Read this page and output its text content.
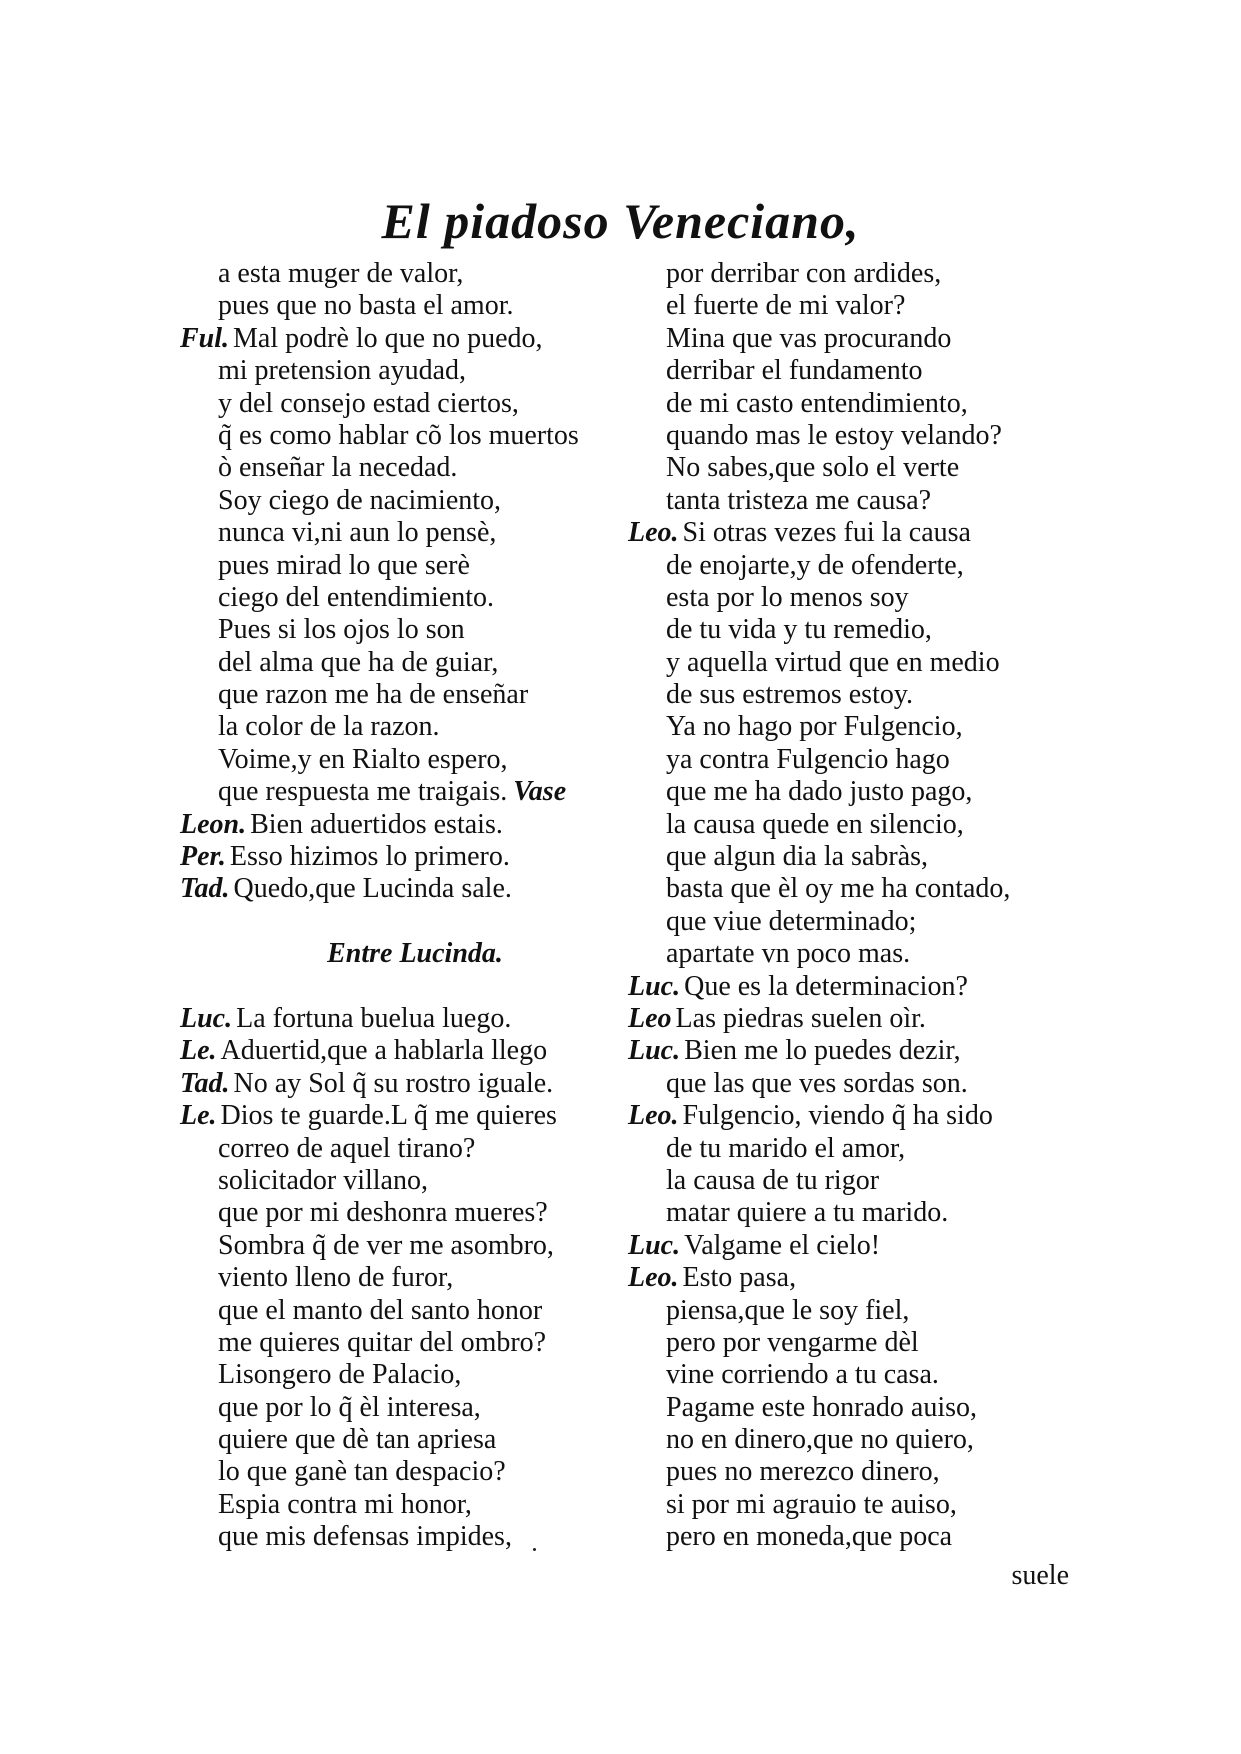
El piadoso Veneciano,
a esta muger de valor,
pues que no basta el amor.
Ful. Mal podrè lo que no puedo,
mi pretension ayudad,
y del consejo estad ciertos,
q̃ es como hablar cõ los muertos
ò enseñar la necedad.
Soy ciego de nacimiento,
nunca vi,ni aun lo pensè,
pues mirad lo que serè
ciego del entendimiento.
Pues si los ojos lo son
del alma que ha de guiar,
que razon me ha de enseñar
la color de la razon.
Voime,y en Rialto espero,
que respuesta me traigais. Vase
Leon. Bien aduertidos estais.
Per. Esso hizimos lo primero.
Tad. Quedo,que Lucinda sale.
Entre Lucinda.
Luc. La fortuna buelua luego.
Le. Aduertid,que a hablarla llego
Tad. No ay Sol q̃ su rostro iguale.
Le. Dios te guarde.L q̃ me quieres
correo de aquel tirano?
solicitador villano,
que por mi deshonra mueres?
Sombra q̃ de ver me asombro,
viento lleno de furor,
que el manto del santo honor
me quieres quitar del ombro?
Lisongero de Palacio,
que por lo q̃ èl interesa,
quiere que dè tan apriesa
lo que ganè tan despacio?
Espia contra mi honor,
que mis defensas impides,
por derribar con ardides,
el fuerte de mi valor?
Mina que vas procurando
derribar el fundamento
de mi casto entendimiento,
quando mas le estoy velando?
No sabes,que solo el verte
tanta tristeza me causa?
Leo. Si otras vezes fui la causa
de enojarte,y de ofenderte,
esta por lo menos soy
de tu vida y tu remedio,
y aquella virtud que en medio
de sus estremos estoy.
Ya no hago por Fulgencio,
ya contra Fulgencio hago
que me ha dado justo pago,
la causa quede en silencio,
que algun dia la sabràs,
basta que èl oy me ha contado,
que viue determinado;
apartate vn poco mas.
Luc. Que es la determinacion?
Leo Las piedras suelen oìr.
Luc. Bien me lo puedes dezir,
que las que ves sordas son.
Leo. Fulgencio, viendo q̃ ha sido
de tu marido el amor,
la causa de tu rigor
matar quiere a tu marido.
Luc. Valgame el cielo!
Leo. Esto pasa,
piensa,que le soy fiel,
pero por vengarme dèl
vine corriendo a tu casa.
Pagame este honrado auiso,
no en dinero,que no quiero,
pues no merezco dinero,
si por mi agrauio te auiso,
pero en moneda,que poca
suele
